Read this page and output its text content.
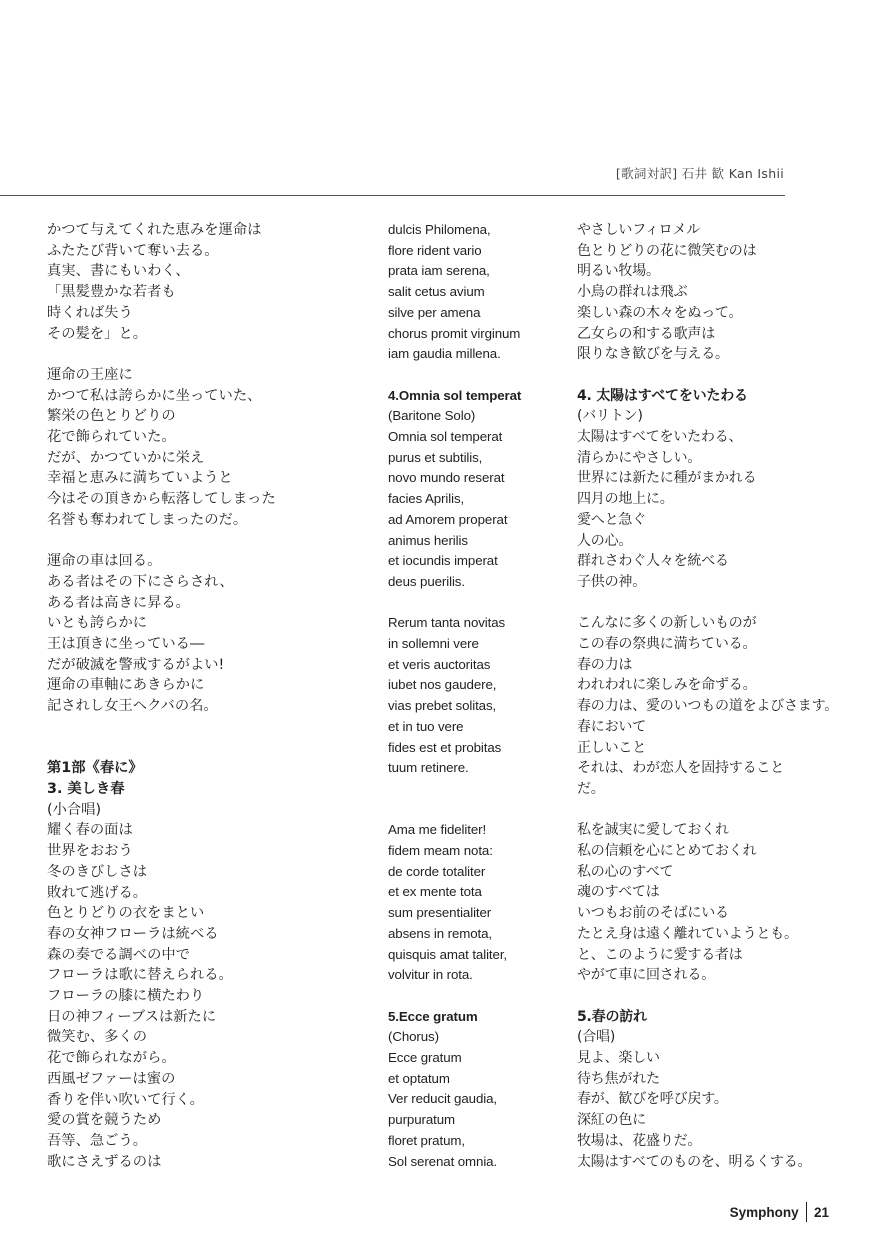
[歌詞対訳] 石井 歓 Kan Ishii
かつて与えてくれた恵みを運命は
ふたたび背いて奪い去る。
真実、書にもいわく、
「黒髪豊かな若者も
時くれば失う
その髪を」と。

運命の王座に
かつて私は誇らかに坐っていた、
繁栄の色とりどりの
花で飾られていた。
だが、かつていかに栄え
幸福と恵みに満ちていようと
今はその頂きから転落してしまった
名誉も奪われてしまったのだ。

運命の車は回る。
ある者はその下にさらされ、
ある者は高きに昇る。
いとも誇らかに
王は頂きに坐っている―
だが破滅を警戒するがよい!
運命の車軸にあきらかに
記されし女王ヘクバの名。

第1部《春に》
3. 美しき春
(小合唱)
耀く春の面は
世界をおおう
冬のきびしさは
敗れて逃げる。
色とりどりの衣をまとい
春の女神フローラは統べる
森の奏でる調べの中で
フローラは歌に替えられる。
フローラの膝に横たわり
日の神フィーブスは新たに
微笑む、多くの
花で飾られながら。
西風ゼファーは蜜の
香りを伴い吹いて行く。
愛の賞を競うため
吾等、急ごう。
歌にさえずるのは
dulcis Philomena,
flore rident vario
prata iam serena,
salit cetus avium
silve per amena
chorus promit virginum
iam gaudia millena.
4.Omnia sol temperat
(Baritone Solo)
Omnia sol temperat
purus et subtilis,
novo mundo reserat
facies Aprilis,
ad Amorem properat
animus herilis
et iocundis imperat
deus puerilis.
Rerum tanta novitas
in sollemni vere
et veris auctoritas
iubet nos gaudere,
vias prebet solitas,
et in tuo vere
fides est et probitas
tuum retinere.
Ama me fideliter!
fidem meam nota:
de corde totaliter
et ex mente tota
sum presentialiter
absens in remota,
quisquis amat taliter,
volvitur in rota.
5.Ecce gratum
(Chorus)
Ecce gratum
et optatum
Ver reducit gaudia,
purpuratum
floret pratum,
Sol serenat omnia.
やさしいフィロメル
色とりどりの花に微笑むのは
明るい牧場。
小鳥の群れは飛ぶ
楽しい森の木々をぬって。
乙女らの和する歌声は
限りなき歓びを与える。
4. 太陽はすべてをいたわる
(バリトン)
太陽はすべてをいたわる、
清らかにやさしい。
世界には新たに種がまかれる
四月の地上に。
愛へと急ぐ
人の心。
群れさわぐ人々を統べる
子供の神。
こんなに多くの新しいものが
この春の祭典に満ちている。
春の力は
われわれに楽しみを命ずる。
春の力は、愛のいつもの道をよびさます。
春において
正しいこと
それは、わが恋人を固持すること
だ。
私を誠実に愛しておくれ
私の信頼を心にとめておくれ
私の心のすべて
魂のすべては
いつもお前のそばにいる
たとえ身は遠く離れていようとも。
と、このように愛する者は
やがて車に回される。
5.春の訪れ
(合唱)
見よ、楽しい
待ち焦がれた
春が、歓びを呼び戻す。
深紅の色に
牧場は、花盛りだ。
太陽はすべてのものを、明るくする。
Symphony 21
